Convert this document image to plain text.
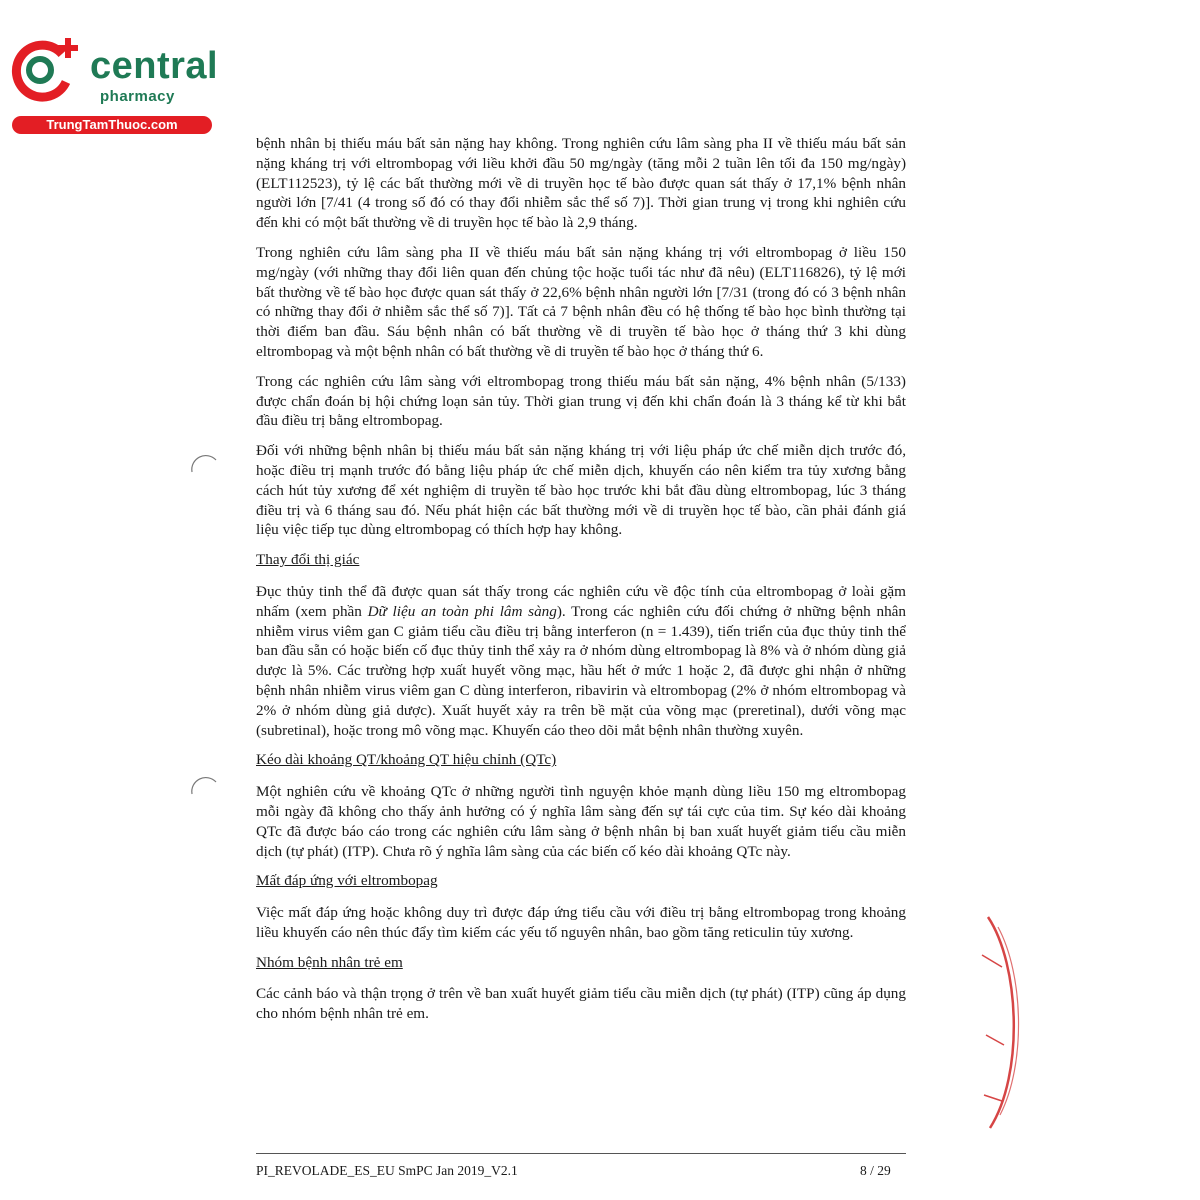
central

pharmacy
TrungTamThuoc.com

bệnh nhân bị thiếu máu bất sản nặng hay không. Trong nghiên cứu lâm sàng pha II về thiếu máu bất sản nặng kháng trị với eltrombopag với liều khởi đầu 50 mg/ngày (tăng mỗi 2 tuần lên tối đa 150 mg/ngày) (ELT112523), tỷ lệ các bất thường mới về di truyền học tế bào được quan sát thấy ở 17,1% bệnh nhân người lớn [7/41 (4 trong số đó có thay đổi nhiễm sắc thể số 7)]. Thời gian trung vị trong khi nghiên cứu đến khi có một bất thường về di truyền học tế bào là 2,9 tháng.

Trong nghiên cứu lâm sàng pha II về thiếu máu bất sản nặng kháng trị với eltrombopag ở liều 150 mg/ngày (với những thay đổi liên quan đến chủng tộc hoặc tuổi tác như đã nêu) (ELT116826), tỷ lệ mới bất thường về tế bào học được quan sát thấy ở 22,6% bệnh nhân người lớn [7/31 (trong đó có 3 bệnh nhân có những thay đổi ở nhiễm sắc thể số 7)]. Tất cả 7 bệnh nhân đều có hệ thống tế bào học bình thường tại thời điểm ban đầu. Sáu bệnh nhân có bất thường về di truyền tế bào học ở tháng thứ 3 khi dùng eltrombopag và một bệnh nhân có bất thường về di truyền tế bào học ở tháng thứ 6.

Trong các nghiên cứu lâm sàng với eltrombopag trong thiếu máu bất sản nặng, 4% bệnh nhân (5/133) được chẩn đoán bị hội chứng loạn sản tủy. Thời gian trung vị đến khi chẩn đoán là 3 tháng kể từ khi bắt đầu điều trị bằng eltrombopag.

Đối với những bệnh nhân bị thiếu máu bất sản nặng kháng trị với liệu pháp ức chế miễn dịch trước đó, hoặc điều trị mạnh trước đó bằng liệu pháp ức chế miễn dịch, khuyến cáo nên kiểm tra tủy xương bằng cách hút tủy xương để xét nghiệm di truyền tế bào học trước khi bắt đầu dùng eltrombopag, lúc 3 tháng điều trị và 6 tháng sau đó. Nếu phát hiện các bất thường mới về di truyền học tế bào, cần phải đánh giá liệu việc tiếp tục dùng eltrombopag có thích hợp hay không.

Thay đổi thị giác

Đục thủy tinh thể đã được quan sát thấy trong các nghiên cứu về độc tính của eltrombopag ở loài gặm nhấm (xem phần Dữ liệu an toàn phi lâm sàng). Trong các nghiên cứu đối chứng ở những bệnh nhân nhiễm virus viêm gan C giảm tiểu cầu điều trị bằng interferon (n = 1.439), tiến triển của đục thủy tinh thể ban đầu sẵn có hoặc biến cố đục thủy tinh thể xảy ra ở nhóm dùng eltrombopag là 8% và ở nhóm dùng giả dược là 5%. Các trường hợp xuất huyết võng mạc, hầu hết ở mức 1 hoặc 2, đã được ghi nhận ở những bệnh nhân nhiễm virus viêm gan C dùng interferon, ribavirin và eltrombopag (2% ở nhóm eltrombopag và 2% ở nhóm dùng giả dược). Xuất huyết xảy ra trên bề mặt của võng mạc (preretinal), dưới võng mạc (subretinal), hoặc trong mô võng mạc. Khuyến cáo theo dõi mắt bệnh nhân thường xuyên.

Kéo dài khoảng QT/khoảng QT hiệu chỉnh (QTc)

Một nghiên cứu về khoảng QTc ở những người tình nguyện khỏe mạnh dùng liều 150 mg eltrombopag mỗi ngày đã không cho thấy ảnh hưởng có ý nghĩa lâm sàng đến sự tái cực của tim. Sự kéo dài khoảng QTc đã được báo cáo trong các nghiên cứu lâm sàng ở bệnh nhân bị ban xuất huyết giảm tiểu cầu miễn dịch (tự phát) (ITP). Chưa rõ ý nghĩa lâm sàng của các biến cố kéo dài khoảng QTc này.

Mất đáp ứng với eltrombopag

Việc mất đáp ứng hoặc không duy trì được đáp ứng tiểu cầu với điều trị bằng eltrombopag trong khoảng liều khuyến cáo nên thúc đẩy tìm kiếm các yếu tố nguyên nhân, bao gồm tăng reticulin tủy xương.

Nhóm bệnh nhân trẻ em

Các cảnh báo và thận trọng ở trên về ban xuất huyết giảm tiểu cầu miễn dịch (tự phát) (ITP) cũng áp dụng cho nhóm bệnh nhân trẻ em.

PI_REVOLADE_ES_EU SmPC Jan 2019_V2.1	8 / 29
